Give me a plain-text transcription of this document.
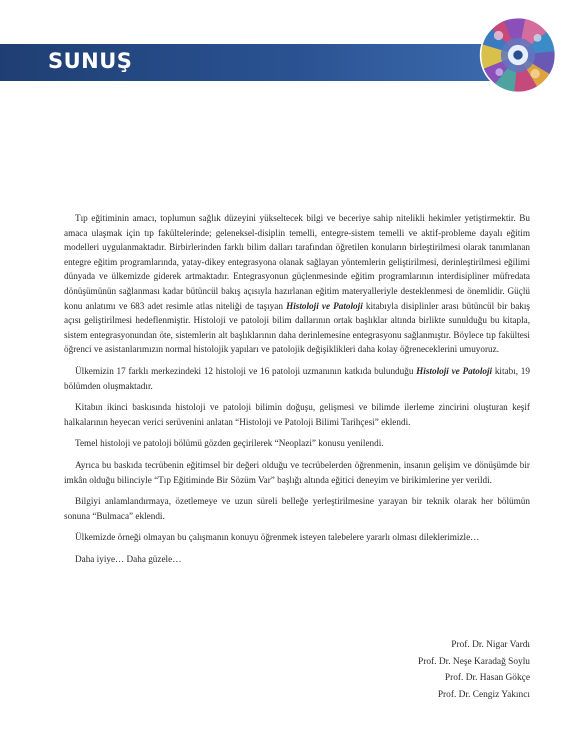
SUNUŞ

Tıp eğitiminin amacı, toplumun sağlık düzeyini yükseltecek bilgi ve beceriye sahip nitelikli hekimler yetiştirmektir. Bu amaca ulaşmak için tıp fakültelerinde; geleneksel-disiplin temelli, entegre-sistem temelli ve aktif-probleme dayalı eğitim modelleri uygulanmaktadır. Birbirlerinden farklı bilim dalları tarafından öğretilen konuların birleştirilmesi olarak tanımlanan entegre eğitim programlarında, yatay-dikey entegrasyona olanak sağlayan yöntemlerin geliştirilmesi, derinleştirilmesi eğilimi dünyada ve ülkemizde giderek artmaktadır. Entegrasyonun güçlenmesinde eğitim programlarının interdisipliner müfredata dönüşümünün sağlanması kadar bütüncül bakış açısıyla hazırlanan eğitim materyalleriyle desteklenmesi de önemlidir. Güçlü konu anlatımı ve 683 adet resimle atlas niteliği de taşıyan Histoloji ve Patoloji kitabıyla disiplinler arası bütüncül bir bakış açısı geliştirilmesi hedeflenmiştir. Histoloji ve patoloji bilim dallarının ortak başlıklar altında birlikte sunulduğu bu kitapla, sistem entegrasyonundan öte, sistemlerin alt başlıklarının daha derinlemesine entegrasyonu sağlanmıştır. Böylece tıp fakültesi öğrenci ve asistanlarımızın normal histolojik yapıları ve patolojik değişiklikleri daha kolay öğreneceklerini umuyoruz.

Ülkemizin 17 farklı merkezindeki 12 histoloji ve 16 patoloji uzmanının katkıda bulunduğu Histoloji ve Patoloji kitabı, 19 bölümden oluşmaktadır.

Kitabın ikinci baskısında histoloji ve patoloji bilimin doğuşu, gelişmesi ve bilimde ilerleme zincirini oluşturan keşif halkalarının heyecan verici serüvenini anlatan “Histoloji ve Patoloji Bilimi Tarihçesi” eklendi.

Temel histoloji ve patoloji bölümü gözden geçirilerek “Neoplazi” konusu yenilendi.

Ayrıca bu baskıda tecrübenin eğitimsel bir değeri olduğu ve tecrübelerden öğrenmenin, insanın gelişim ve dönüşümde bir imkân olduğu bilinciyle “Tıp Eğitiminde Bir Sözüm Var” başlığı altında eğitici deneyim ve birikimlerine yer verildi.

Bilgiyi anlamlandırmaya, özetlemeye ve uzun süreli belleğe yerleştirilmesine yarayan bir teknik olarak her bölümün sonuna “Bulmaca” eklendi.

Ülkemizde örneği olmayan bu çalışmanın konuyu öğrenmek isteyen talebelere yararlı olması dileklerimizle…

Daha iyiye… Daha güzele…

Prof. Dr. Nigar Vardı
Prof. Dr. Neşe Karadağ Soylu
Prof. Dr. Hasan Gökçe
Prof. Dr. Cengiz Yakıncı
